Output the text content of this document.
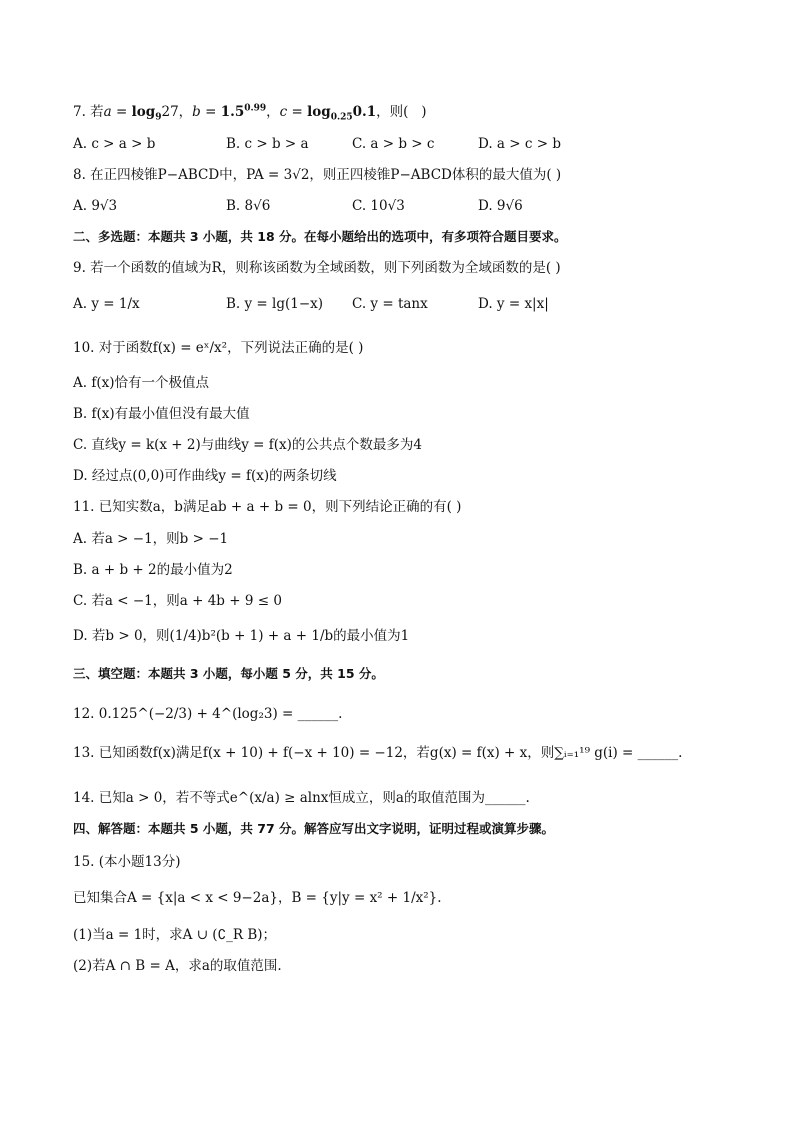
7. 若$a = \log_927$，$b = 1.5^{0.99}$，$c = \log_{0.25}0.1$，则(   )
A. c > a > b	B. c > b > a	C. a > b > c	D. a > c > b
8. 在正四棱锥P−ABCD中，PA = 3√2，则正四棱锥P−ABCD体积的最大值为( )
A. 9√3	B. 8√6	C. 10√3	D. 9√6
二、多选题：本题共 3 小题，共 18 分。在每小题给出的选项中，有多项符合题目要求。
9. 若一个函数的值域为R，则称该函数为全域函数，则下列函数为全域函数的是( )
A. y = 1/x	B. y = lg(1−x) C. y = tanx	D. y = x|x|
10. 对于函数f(x) = eˣ/x²，下列说法正确的是( )
A. f(x)恰有一个极值点
B. f(x)有最小值但没有最大值
C. 直线y = k(x + 2)与曲线y = f(x)的公共点个数最多为4
D. 经过点(0,0)可作曲线y = f(x)的两条切线
11. 已知实数a，b满足ab + a + b = 0，则下列结论正确的有( )
A. 若a > −1，则b > −1
B. a + b + 2的最小值为2
C. 若a < −1，则a + 4b + 9 ≤ 0
D. 若b > 0，则(1/4)b²(b + 1) + a + 1/b的最小值为1
三、填空题：本题共 3 小题，每小题 5 分，共 15 分。
12. 0.125^(−2/3) + 4^(log₂3) = ______.
13. 已知函数f(x)满足f(x + 10) + f(−x + 10) = −12，若g(x) = f(x) + x，则∑ᵢ₌₁¹⁹ g(i) = ______.
14. 已知a > 0，若不等式e^(x/a) ≥ alnx恒成立，则a的取值范围为______.
四、解答题：本题共 5 小题，共 77 分。解答应写出文字说明，证明过程或演算步骤。
15. (本小题13分)
已知集合A = {x|a < x < 9−2a}，B = {y|y = x² + 1/x²}.
(1)当a = 1时，求A ∪ (∁_R B)；
(2)若A ∩ B = A，求a的取值范围.
